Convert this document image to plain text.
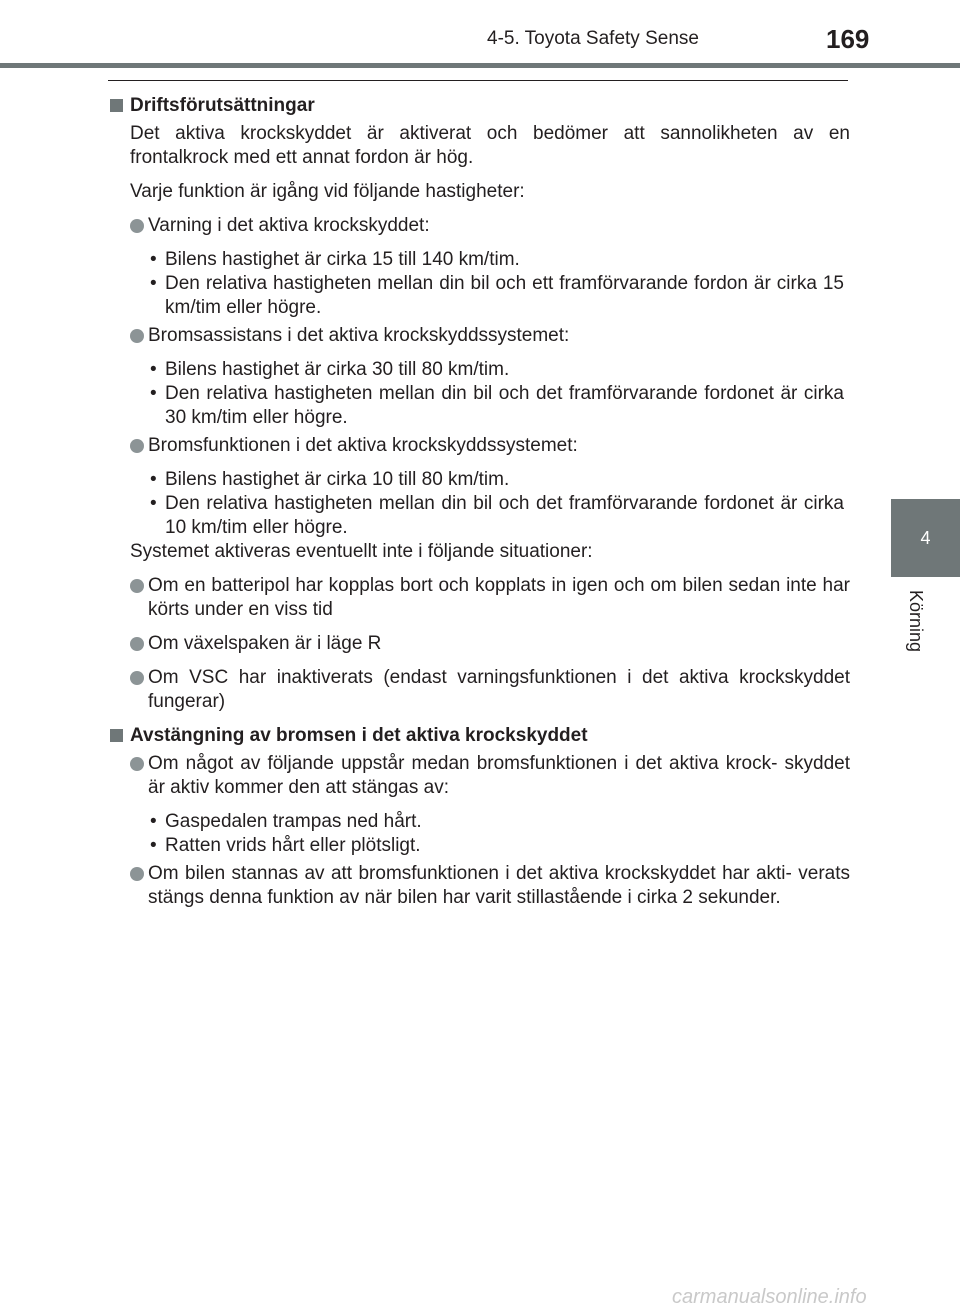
4-5. Toyota Safety Sense	169
4
Körning
Driftsförutsättningar
Det aktiva krockskyddet är aktiverat och bedömer att sannolikheten av en frontalkrock med ett annat fordon är hög.
Varje funktion är igång vid följande hastigheter:
Varning i det aktiva krockskyddet:
• Bilens hastighet är cirka 15 till 140 km/tim.
• Den relativa hastigheten mellan din bil och ett framförvarande fordon är cirka 15 km/tim eller högre.
Bromsassistans i det aktiva krockskyddssystemet:
• Bilens hastighet är cirka 30 till 80 km/tim.
• Den relativa hastigheten mellan din bil och det framförvarande fordonet är cirka 30 km/tim eller högre.
Bromsfunktionen i det aktiva krockskyddssystemet:
• Bilens hastighet är cirka 10 till 80 km/tim.
• Den relativa hastigheten mellan din bil och det framförvarande fordonet är cirka 10 km/tim eller högre.
Systemet aktiveras eventuellt inte i följande situationer:
Om en batteripol har kopplas bort och kopplats in igen och om bilen sedan inte har körts under en viss tid
Om växelspaken är i läge R
Om VSC har inaktiverats (endast varningsfunktionen i det aktiva krockskyddet fungerar)
Avstängning av bromsen i det aktiva krockskyddet
Om något av följande uppstår medan bromsfunktionen i det aktiva krock- skyddet är aktiv kommer den att stängas av:
• Gaspedalen trampas ned hårt.
• Ratten vrids hårt eller plötsligt.
Om bilen stannas av att bromsfunktionen i det aktiva krockskyddet har akti- verats stängs denna funktion av när bilen har varit stillastående i cirka 2 sekunder.
carmanualsonline.info
